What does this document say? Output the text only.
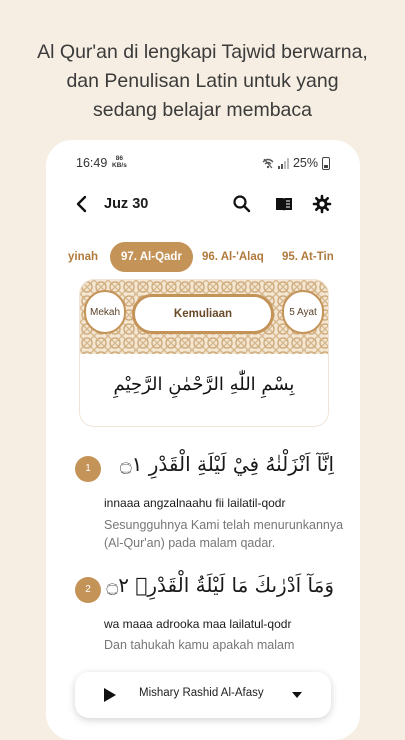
Al Qur'an di lengkapi Tajwid berwarna,
dan Penulisan Latin untuk yang
sedang belajar membaca
16:49	86
KB/s	25%
Juz 30
yinah	97. Al-Qadr	96. Al-'Alaq 95. At-Tin
Mekah	Kemuliaan	5 Ayat
بِسْمِ اللّٰهِ الرَّحْمٰنِ الرَّحِيْمِ
1	اِنَّآ اَنْزَلْنٰهُ فِيْ لَيْلَةِ الْقَدْرِ ۝١
innaaa angzalnaahu fii lailatil-qodr
Sesungguhnya Kami telah menurunkannya (Al-Qur'an) pada malam qadar.
2 وَمَآ اَدْرٰىكَ مَا لَيْلَةُ الْقَدْرِۗ ۝٢
wa maaa adrooka maa lailatul-qodr
Dan tahukah kamu apakah malam
Mishary Rashid Al-Afasy
